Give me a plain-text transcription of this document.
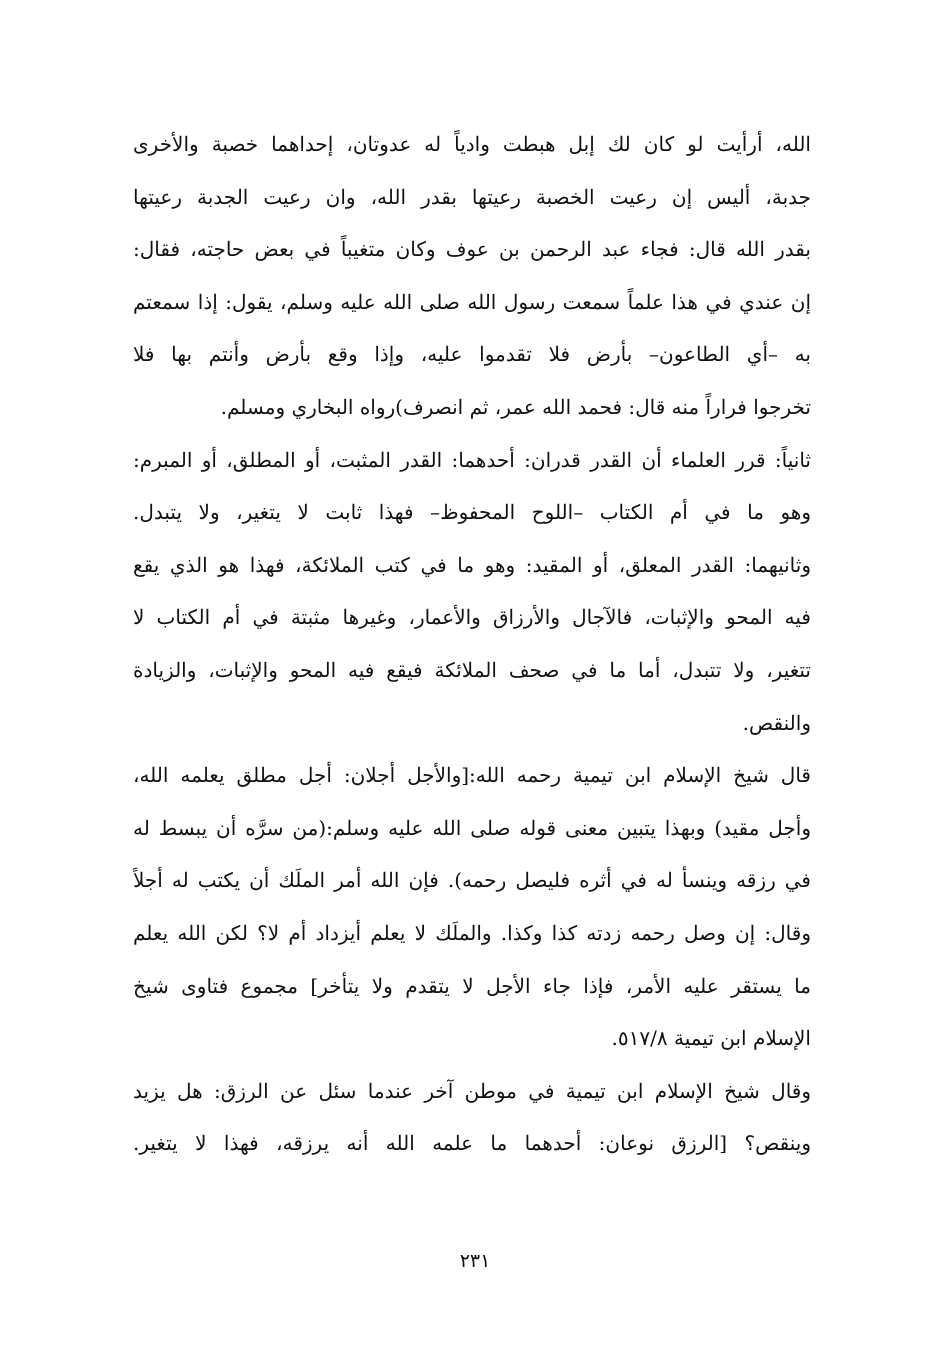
الله، أرأيت لو كان لك إبل هبطت وادياً له عدوتان، إحداهما خصبة والأخرى
جدبة، أليس إن رعيت الخصبة رعيتها بقدر الله، وان رعيت الجدبة رعيتها
بقدر الله قال: فجاء عبد الرحمن بن عوف وكان متغيباً في بعض حاجته، فقال:
إن عندي في هذا علماً سمعت رسول الله صلى الله عليه وسلم، يقول: إذا سمعتم
به –أي الطاعون– بأرض فلا تقدموا عليه، وإذا وقع بأرض وأنتم بها فلا
تخرجوا فراراً منه قال: فحمد الله عمر، ثم انصرف)رواه البخاري ومسلم.
ثانياً: قرر العلماء أن القدر قدران: أحدهما: القدر المثبت، أو المطلق، أو المبرم:
وهو ما في أم الكتاب –اللوح المحفوظ– فهذا ثابت لا يتغير، ولا يتبدل.
وثانيهما: القدر المعلق، أو المقيد: وهو ما في كتب الملائكة، فهذا هو الذي يقع
فيه المحو والإثبات، فالآجال والأرزاق والأعمار، وغيرها مثبتة في أم الكتاب لا
تتغير، ولا تتبدل، أما ما في صحف الملائكة فيقع فيه المحو والإثبات، والزيادة
والنقص.
قال شيخ الإسلام ابن تيمية رحمه الله:[والأجل أجلان: أجل مطلق يعلمه الله،
وأجل مقيد) وبهذا يتبين معنى قوله صلى الله عليه وسلم:(من سرَّه أن يبسط له
في رزقه وينسأ له في أثره فليصل رحمه). فإن الله أمر الملَك أن يكتب له أجلاً
وقال: إن وصل رحمه زدته كذا وكذا. والملَك لا يعلم أيزداد أم لا؟ لكن الله يعلم
ما يستقر عليه الأمر، فإذا جاء الأجل لا يتقدم ولا يتأخر] مجموع فتاوى شيخ
الإسلام ابن تيمية ٥١٧/٨.
وقال شيخ الإسلام ابن تيمية في موطن آخر عندما سئل عن الرزق: هل يزيد
وينقص؟ [الرزق نوعان: أحدهما ما علمه الله أنه يرزقه، فهذا لا يتغير.
٢٣١
